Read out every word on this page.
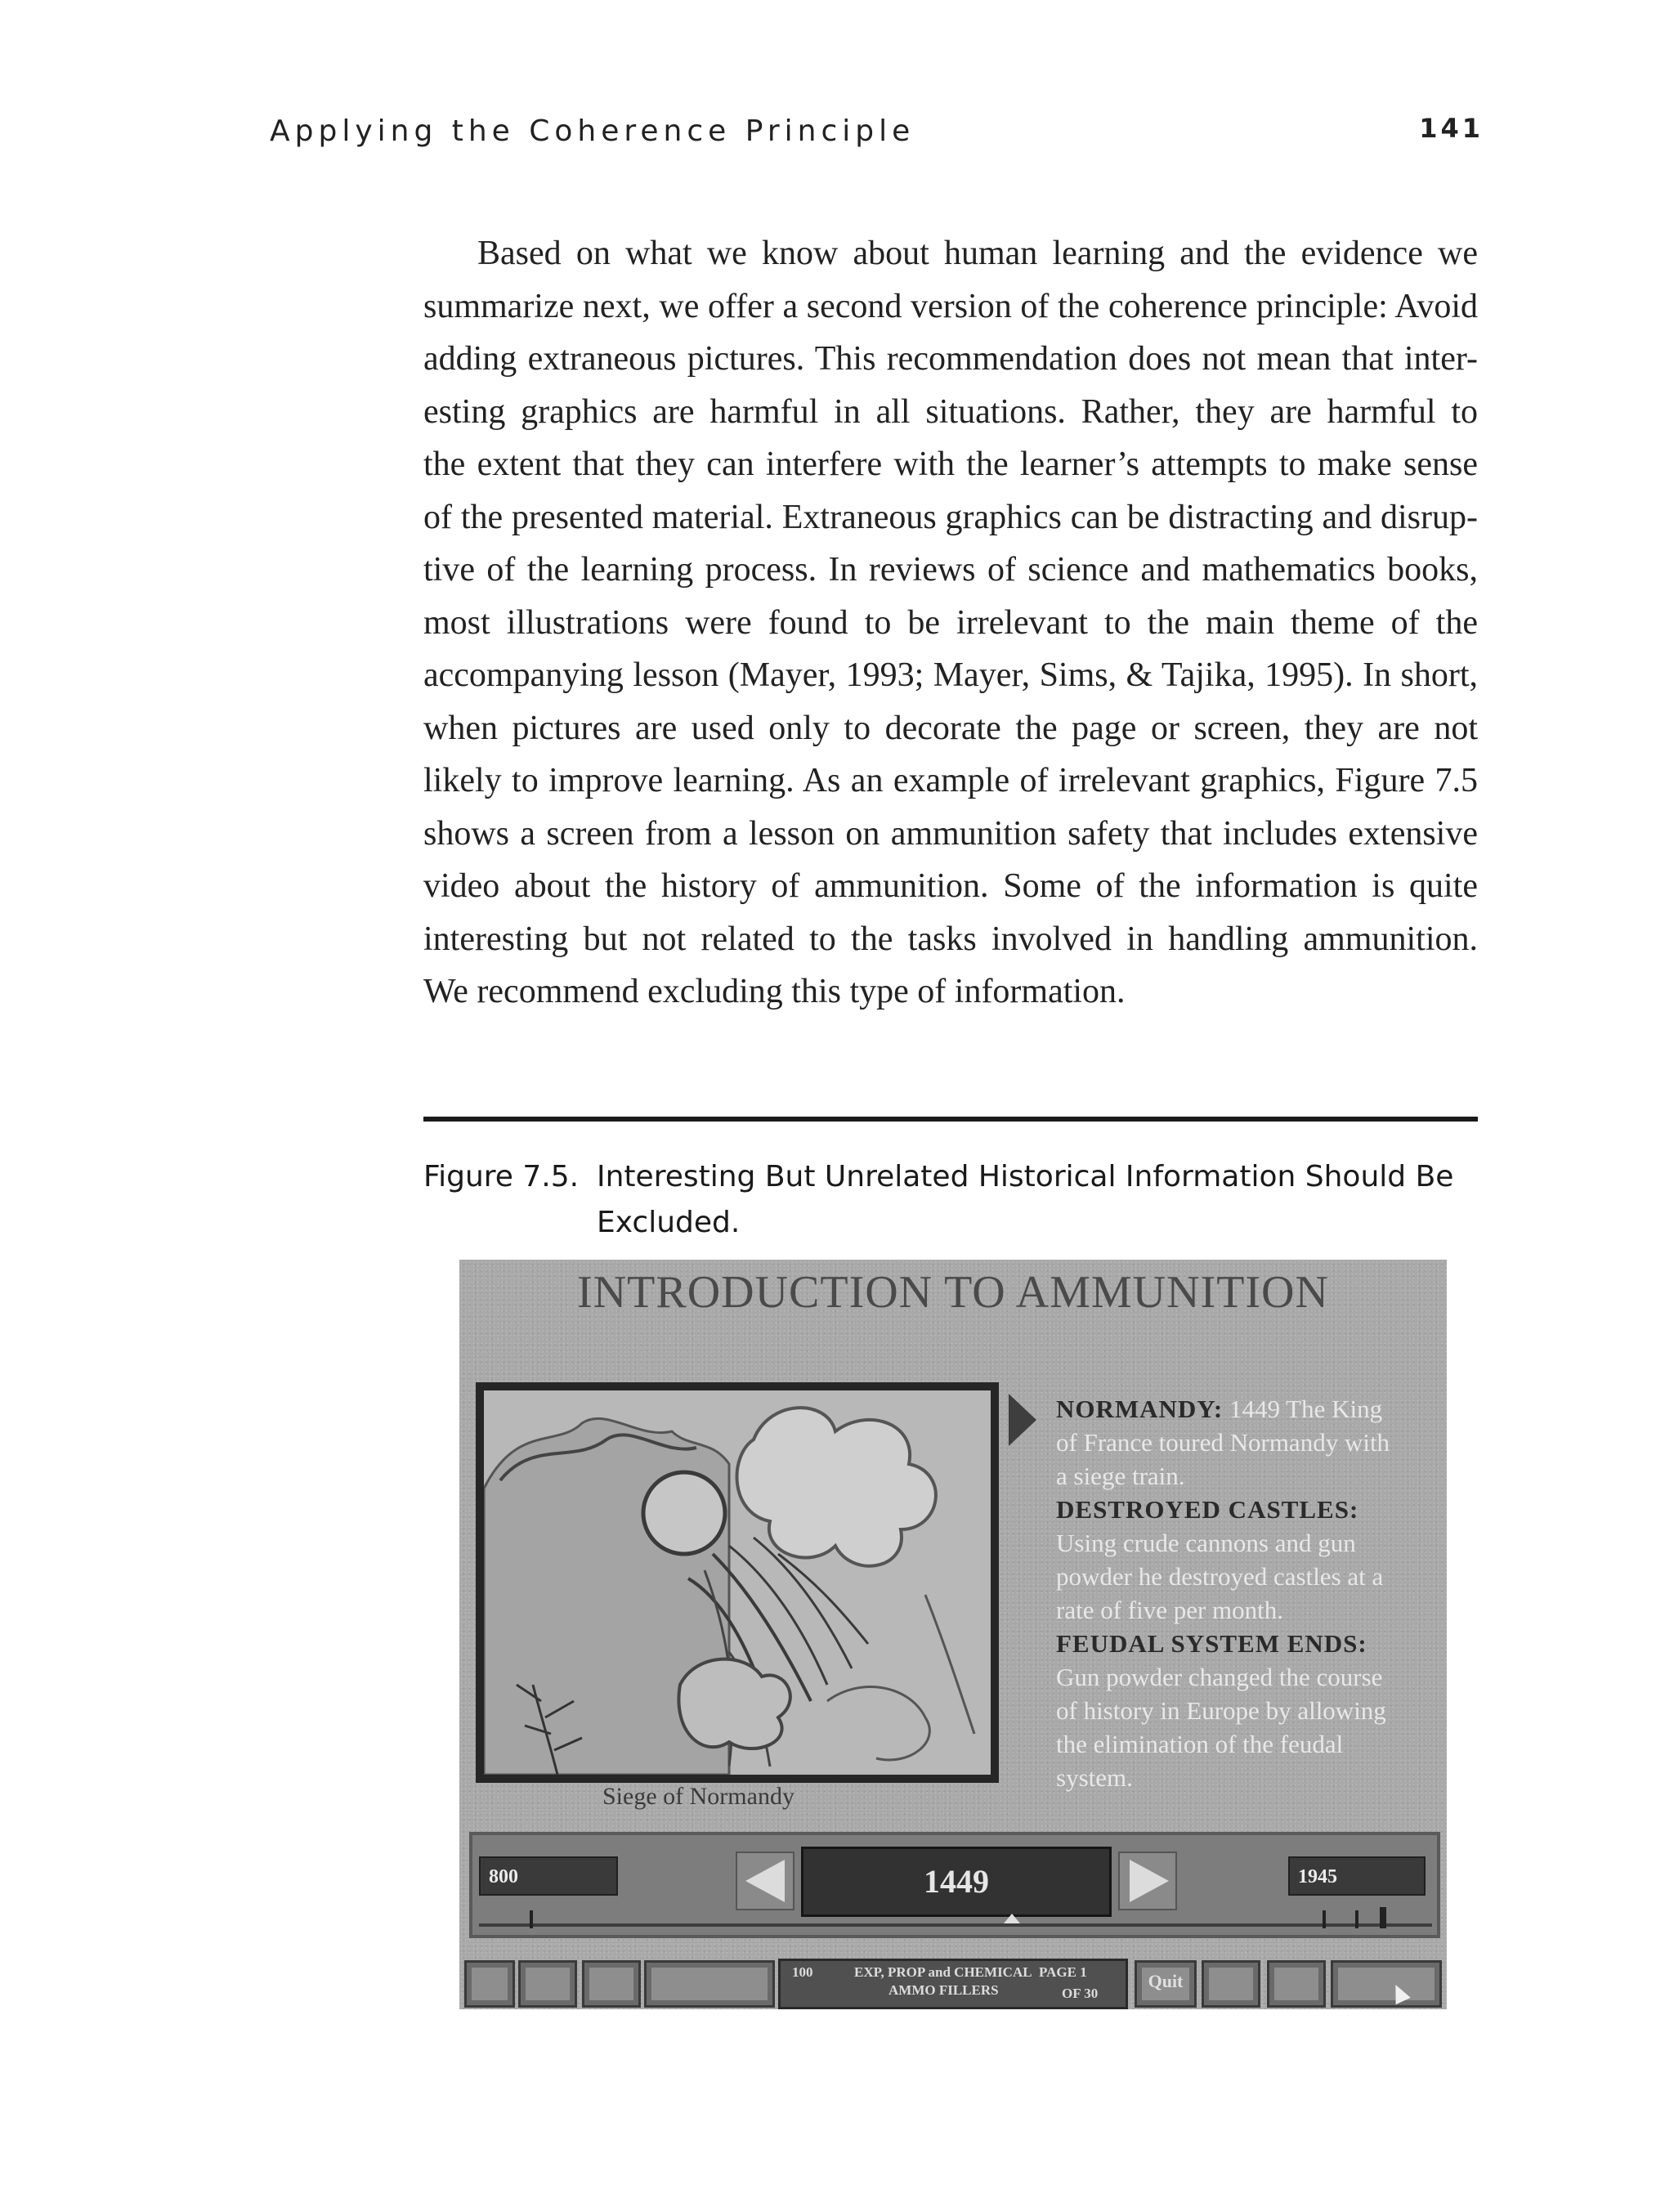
Applying the Coherence Principle	141
Based on what we know about human learning and the evidence we
summarize next, we offer a second version of the coherence principle: Avoid
adding extraneous pictures. This recommendation does not mean that inter-
esting graphics are harmful in all situations. Rather, they are harmful to
the extent that they can interfere with the learner’s attempts to make sense
of the presented material. Extraneous graphics can be distracting and disrup-
tive of the learning process. In reviews of science and mathematics books,
most illustrations were found to be irrelevant to the main theme of the
accompanying lesson (Mayer, 1993; Mayer, Sims, & Tajika, 1995). In short,
when pictures are used only to decorate the page or screen, they are not
likely to improve learning. As an example of irrelevant graphics, Figure 7.5
shows a screen from a lesson on ammunition safety that includes extensive
video about the history of ammunition. Some of the information is quite
interesting but not related to the tasks involved in handling ammunition.
We recommend excluding this type of information.
Figure 7.5. Interesting But Unrelated Historical Information Should Be
Excluded.
INTRODUCTION TO AMMUNITION
Siege of Normandy
NORMANDY: 1449 The King
of France toured Normandy with
a siege train.
DESTROYED CASTLES:
Using crude cannons and gun
powder he destroyed castles at a
rate of five per month.
FEUDAL SYSTEM ENDS:
Gun powder changed the course
of history in Europe by allowing
the elimination of the feudal
system.
800	1449	1945
100	EXP, PROP and CHEMICAL
AMMO FILLERS
PAGE 1
OF 30
Quit
